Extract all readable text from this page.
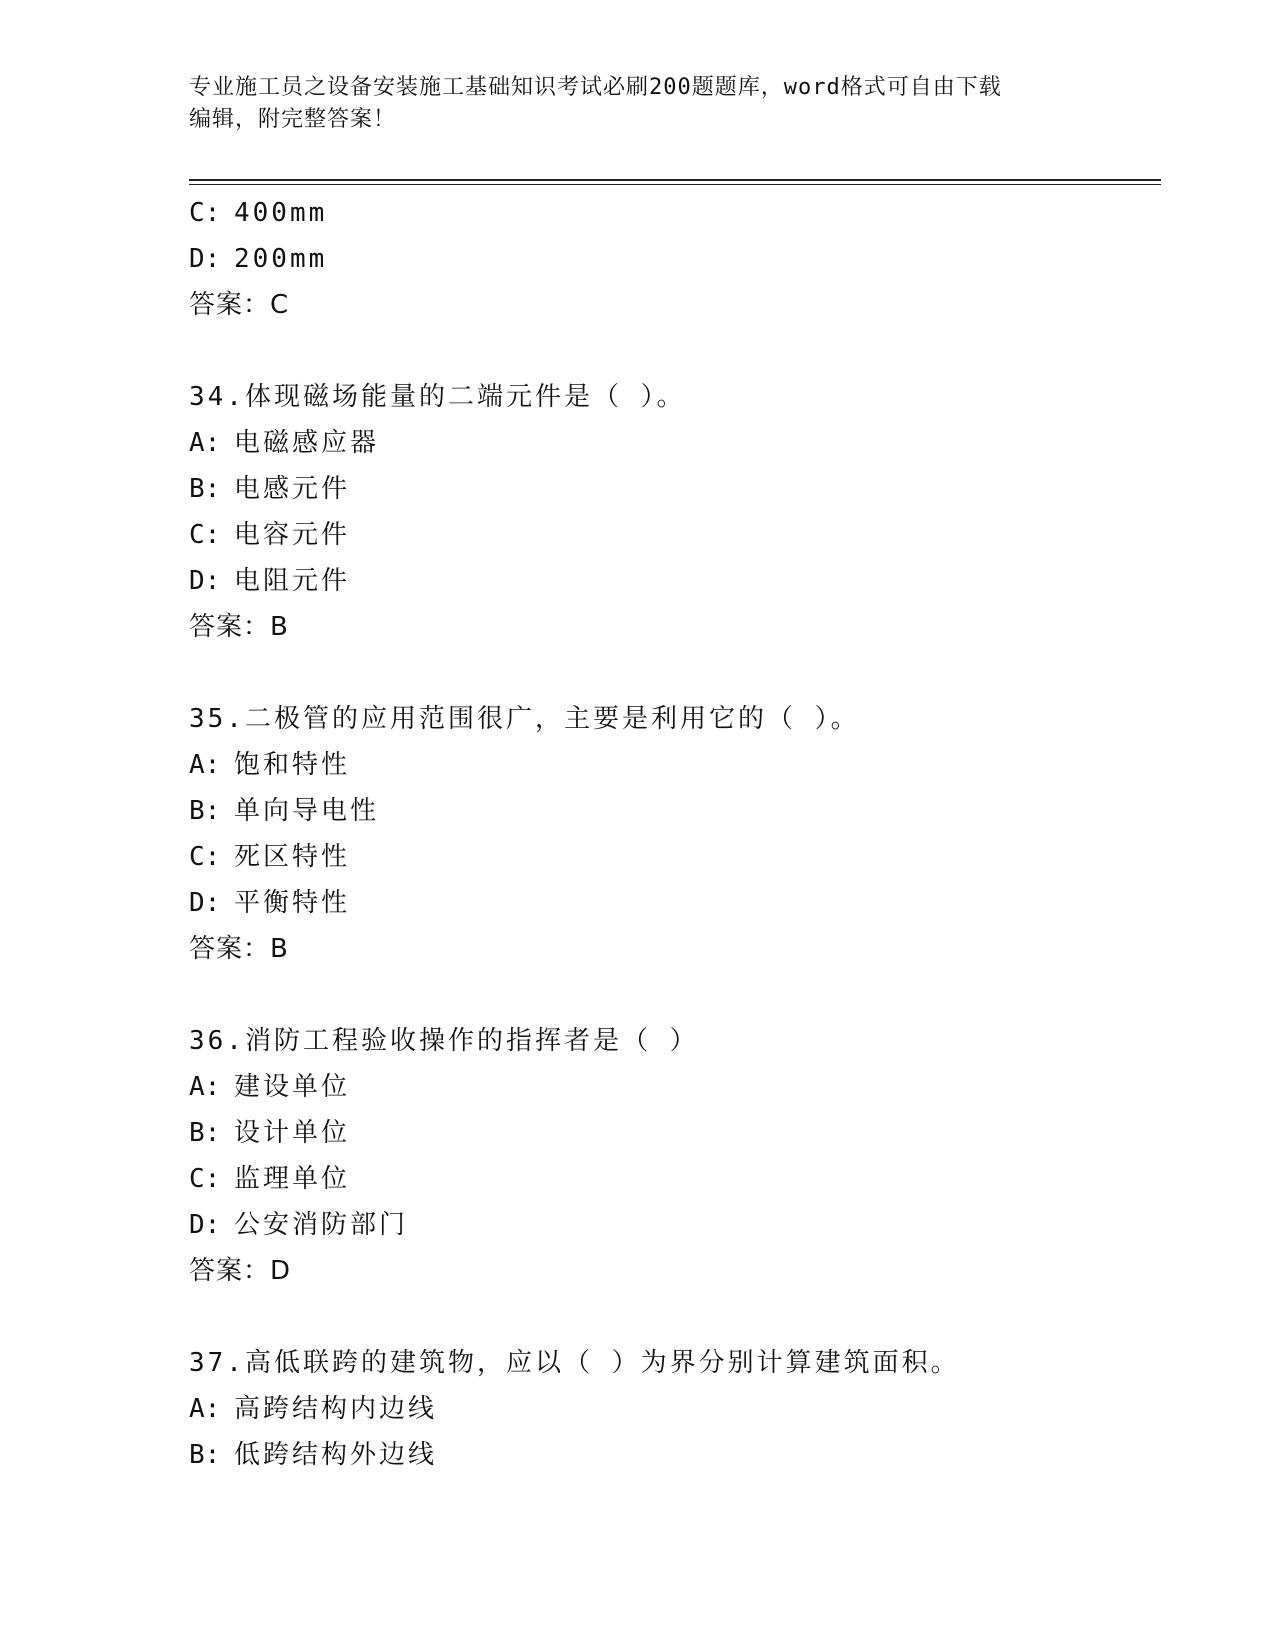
专业施工员之设备安装施工基础知识考试必刷200题题库，word格式可自由下载
编辑，附完整答案！
C: 400mm
D: 200mm
答案：C
34.体现磁场能量的二端元件是（ ）。
A: 电磁感应器
B: 电感元件
C: 电容元件
D: 电阻元件
答案：B
35.二极管的应用范围很广，主要是利用它的（ ）。
A: 饱和特性
B: 单向导电性
C: 死区特性
D: 平衡特性
答案：B
36.消防工程验收操作的指挥者是（ ）
A: 建设单位
B: 设计单位
C: 监理单位
D: 公安消防部门
答案：D
37.高低联跨的建筑物，应以（ ）为界分别计算建筑面积。
A: 高跨结构内边线
B: 低跨结构外边线
